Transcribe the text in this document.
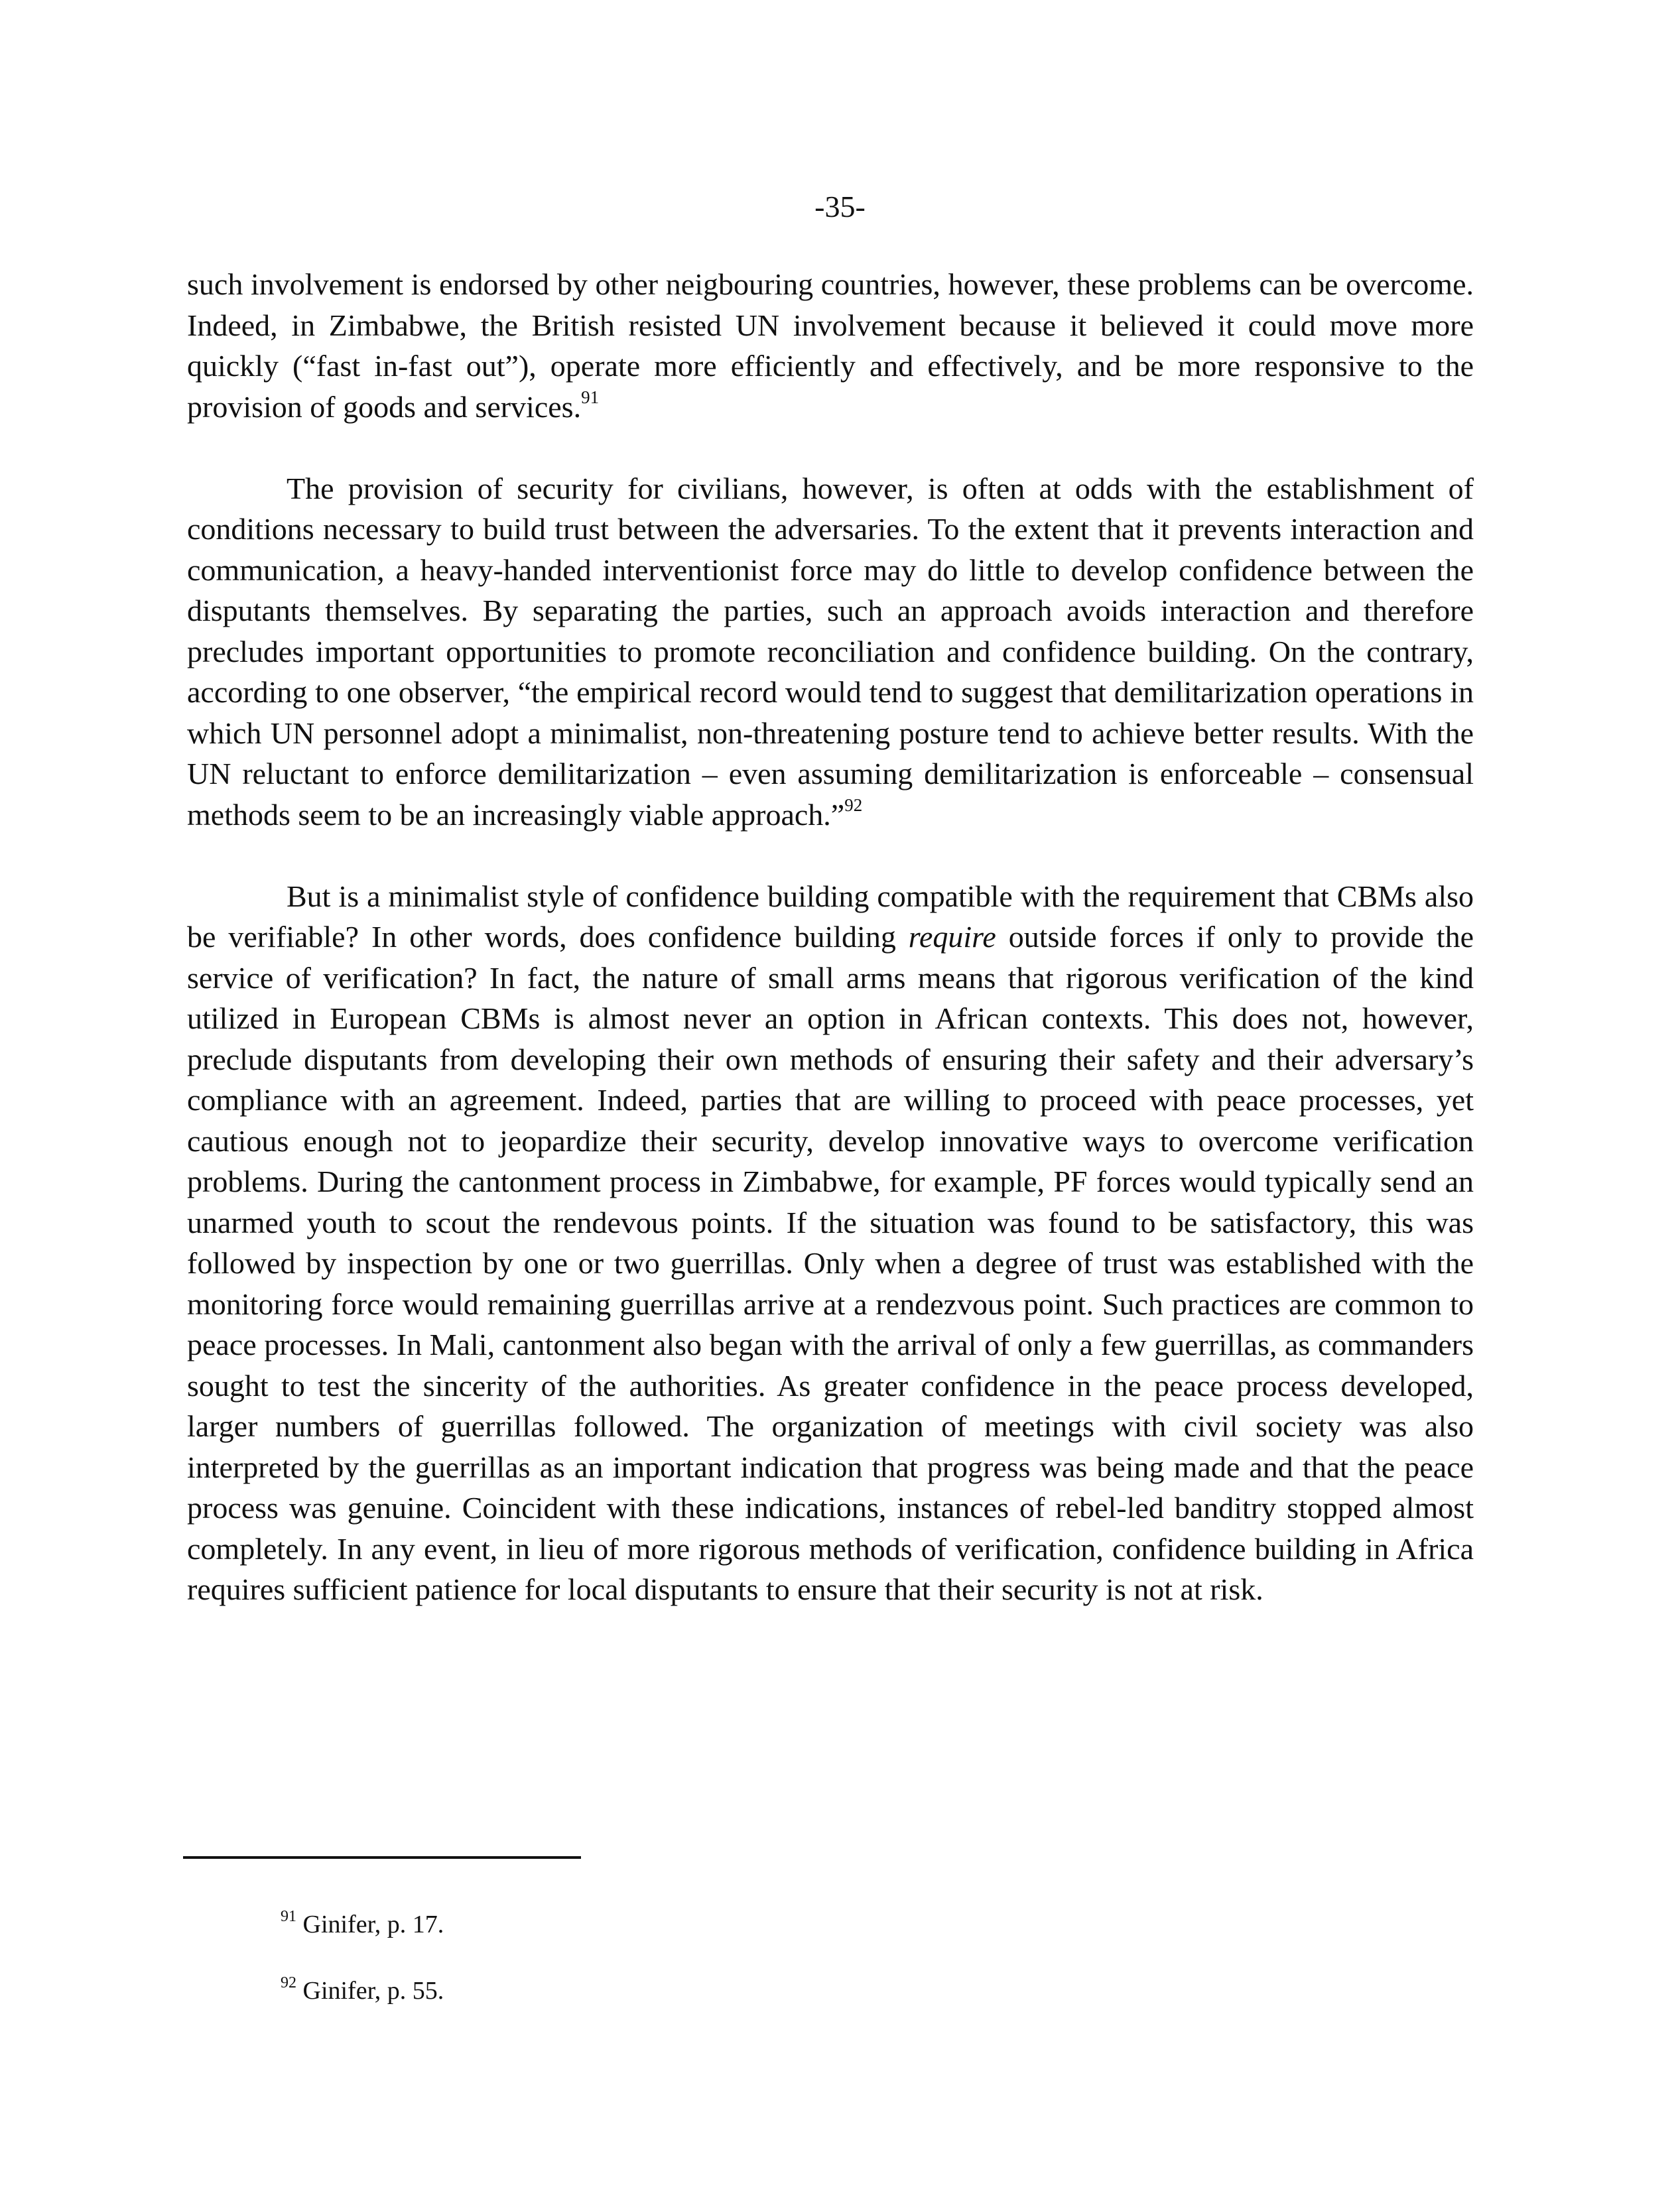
-35-

such involvement is endorsed by other neigbouring countries, however, these problems can be overcome. Indeed, in Zimbabwe, the British resisted UN involvement because it believed it could move more quickly (“fast in-fast out”), operate more efficiently and effectively, and be more responsive to the provision of goods and services.$^{91}$

The provision of security for civilians, however, is often at odds with the establishment of conditions necessary to build trust between the adversaries. To the extent that it prevents interaction and communication, a heavy-handed interventionist force may do little to develop confidence between the disputants themselves. By separating the parties, such an approach avoids interaction and therefore precludes important opportunities to promote reconciliation and confidence building. On the contrary, according to one observer, “the empirical record would tend to suggest that demilitarization operations in which UN personnel adopt a minimalist, non-threatening posture tend to achieve better results. With the UN reluctant to enforce demilitarization – even assuming demilitarization is enforceable – consensual methods seem to be an increasingly viable approach.”$^{92}$

But is a minimalist style of confidence building compatible with the requirement that CBMs also be verifiable? In other words, does confidence building require outside forces if only to provide the service of verification? In fact, the nature of small arms means that rigorous verification of the kind utilized in European CBMs is almost never an option in African contexts. This does not, however, preclude disputants from developing their own methods of ensuring their safety and their adversary’s compliance with an agreement. Indeed, parties that are willing to proceed with peace processes, yet cautious enough not to jeopardize their security, develop innovative ways to overcome verification problems. During the cantonment process in Zimbabwe, for example, PF forces would typically send an unarmed youth to scout the rendevous points. If the situation was found to be satisfactory, this was followed by inspection by one or two guerrillas. Only when a degree of trust was established with the monitoring force would remaining guerrillas arrive at a rendezvous point. Such practices are common to peace processes. In Mali, cantonment also began with the arrival of only a few guerrillas, as commanders sought to test the sincerity of the authorities. As greater confidence in the peace process developed, larger numbers of guerrillas followed. The organization of meetings with civil society was also interpreted by the guerrillas as an important indication that progress was being made and that the peace process was genuine. Coincident with these indications, instances of rebel-led banditry stopped almost completely. In any event, in lieu of more rigorous methods of verification, confidence building in Africa requires sufficient patience for local disputants to ensure that their security is not at risk.

$^{91}$ Ginifer, p. 17.
$^{92}$ Ginifer, p. 55.
